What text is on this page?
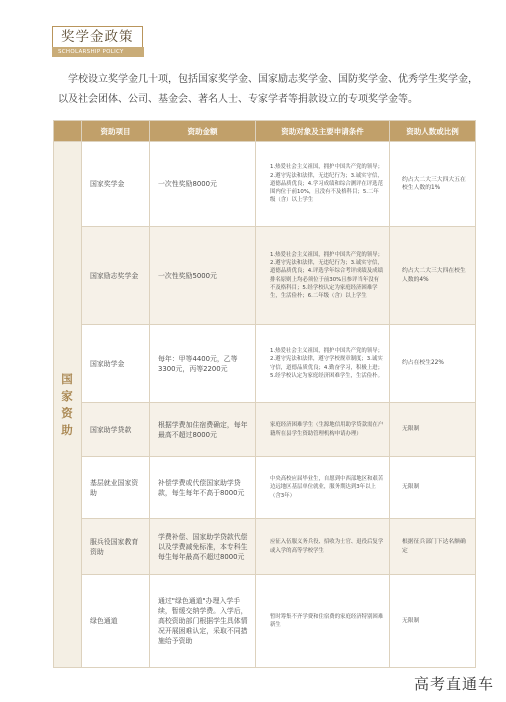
奖学金政策
SCHOLARSHIP POLICY
学校设立奖学金几十项，包括国家奖学金、国家励志奖学金、国防奖学金、优秀学生奖学金，以及社会团体、公司、基金会、著名人士、专家学者等捐款设立的专项奖学金等。
	资助项目	资助金额	资助对象及主要申请条件	资助人数或比例

国
家
资
助	国家奖学金	一次性奖励8000元	1.热爱社会主义祖国，拥护中国共产党的领导；2.遵守宪法和法律，无违纪行为；3.诚实守信，道德品质优良；4.学习成绩和综合测评在评选范围内位于前10%，且没有不及格科目；5.二年级（含）以上学生	约占大二大三大四大五在校生人数的1%
	国家励志奖学金	一次性奖励5000元	1.热爱社会主义祖国，拥护中国共产党的领导；2.遵守宪法和法律，无违纪行为；3.诚实守信，道德品质优良；4.评选学年综合考评成绩及成绩排名原则上均必须位于前30%且参评当年没有不及格科目；5.经学校认定为家庭经济困难学生，生活俭朴；6.二年级（含）以上学生	约占大二大三大四在校生人数的4%
	国家助学金	每年：甲等4400元，乙等3300元，丙等2200元	1.热爱社会主义祖国，拥护中国共产党的领导；2.遵守宪法和法律，遵守学校规章制度；3.诚实守信，道德品质优良；4.勤奋学习，积极上进；5.经学校认定为家庭经济困难学生，生活俭朴。	约占在校生22%
	国家助学贷款	根据学费加住宿费确定，每年最高不超过8000元	家庭经济困难学生（生源地信用助学贷款需在户籍所在县学生资助管理机构申请办理）	无限制
	基层就业国家资助	补偿学费或代偿国家助学贷款，每生每年不高于8000元	中央高校应届毕业生，自愿到中西部地区和艰苦边远地区基层单位就业，服务期达到3年以上（含3年）	无限制
	服兵役国家教育资助	学费补偿、国家助学贷款代偿以及学费减免标准，本专科生每生每年最高不超过8000元	应征入伍服义务兵役、招收为士官、退役后复学或入学的高等学校学生	根据征兵部门下达名额确定
	绿色通道	通过"绿色通道"办理入学手续，暂缓交纳学费。入学后，高校资助部门根据学生具体情况开展困难认定，采取不同措施给予资助	暂时筹集不齐学费和住宿费的家庭经济特别困难新生	无限制
高考直通车
